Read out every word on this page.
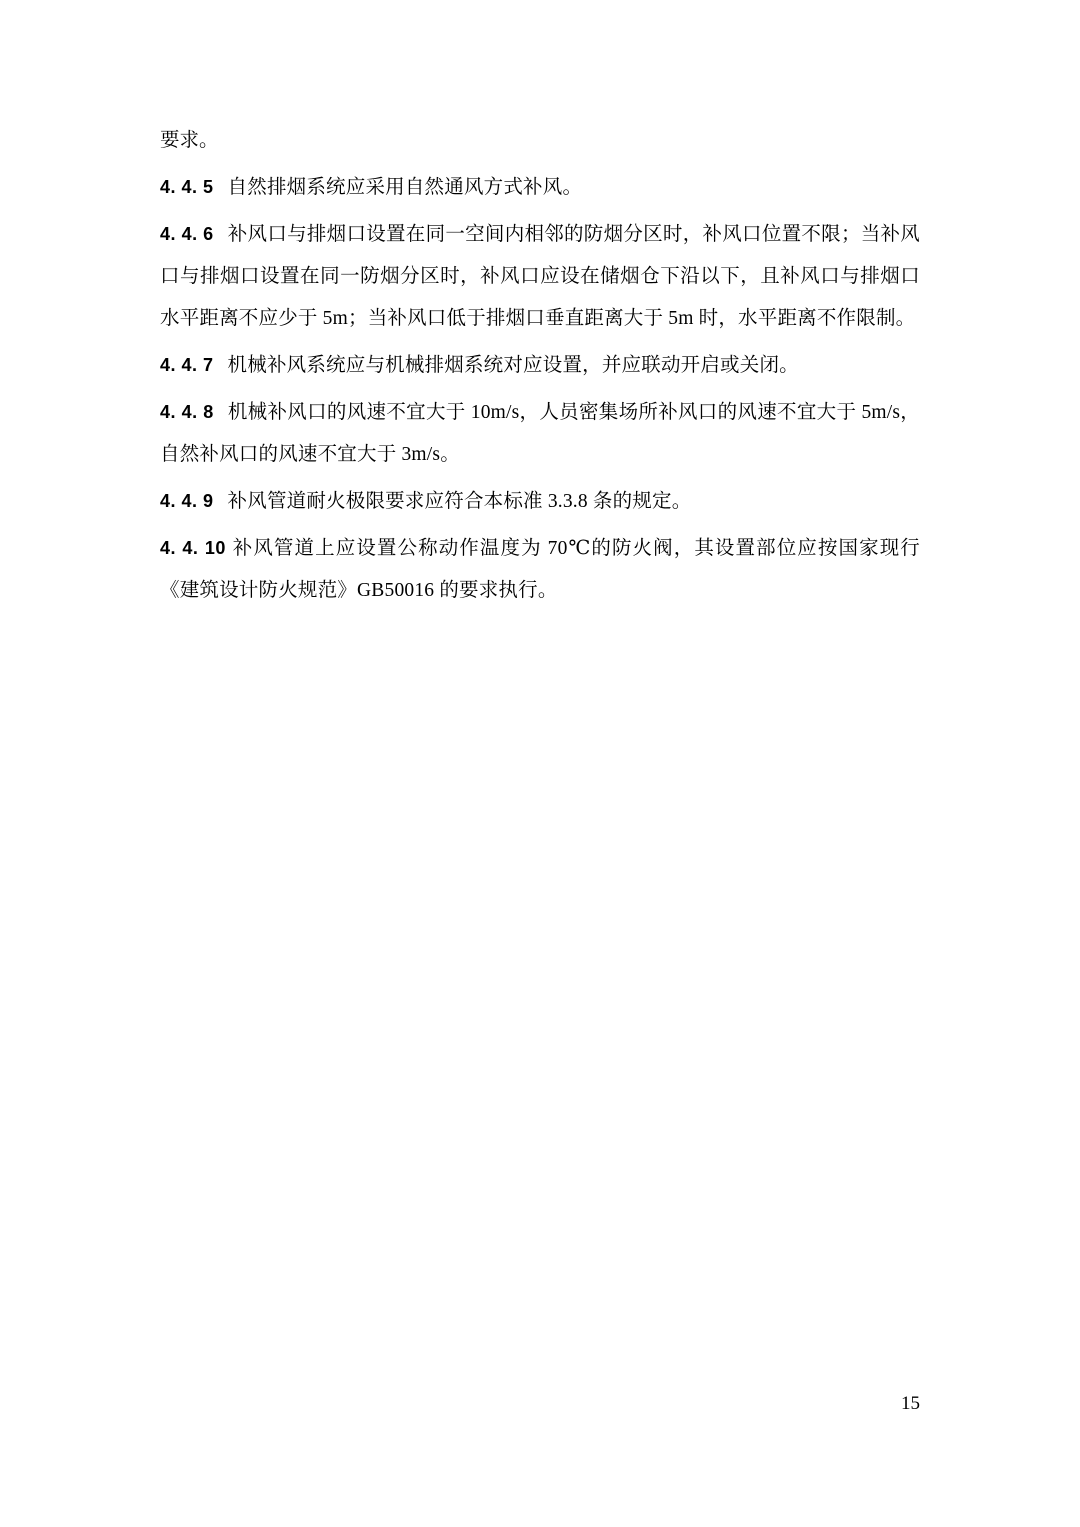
要求。

4. 4. 5 自然排烟系统应采用自然通风方式补风。

4. 4. 6 补风口与排烟口设置在同一空间内相邻的防烟分区时，补风口位置不限；当补风口与排烟口设置在同一防烟分区时，补风口应设在储烟仓下沿以下，且补风口与排烟口水平距离不应少于 5m；当补风口低于排烟口垂直距离大于 5m 时，水平距离不作限制。

4. 4. 7 机械补风系统应与机械排烟系统对应设置，并应联动开启或关闭。

4. 4. 8 机械补风口的风速不宜大于 10m/s，人员密集场所补风口的风速不宜大于 5m/s，自然补风口的风速不宜大于 3m/s。

4. 4. 9 补风管道耐火极限要求应符合本标准 3.3.8 条的规定。

4. 4. 10 补风管道上应设置公称动作温度为 70℃的防火阀，其设置部位应按国家现行《建筑设计防火规范》GB50016 的要求执行。

15
